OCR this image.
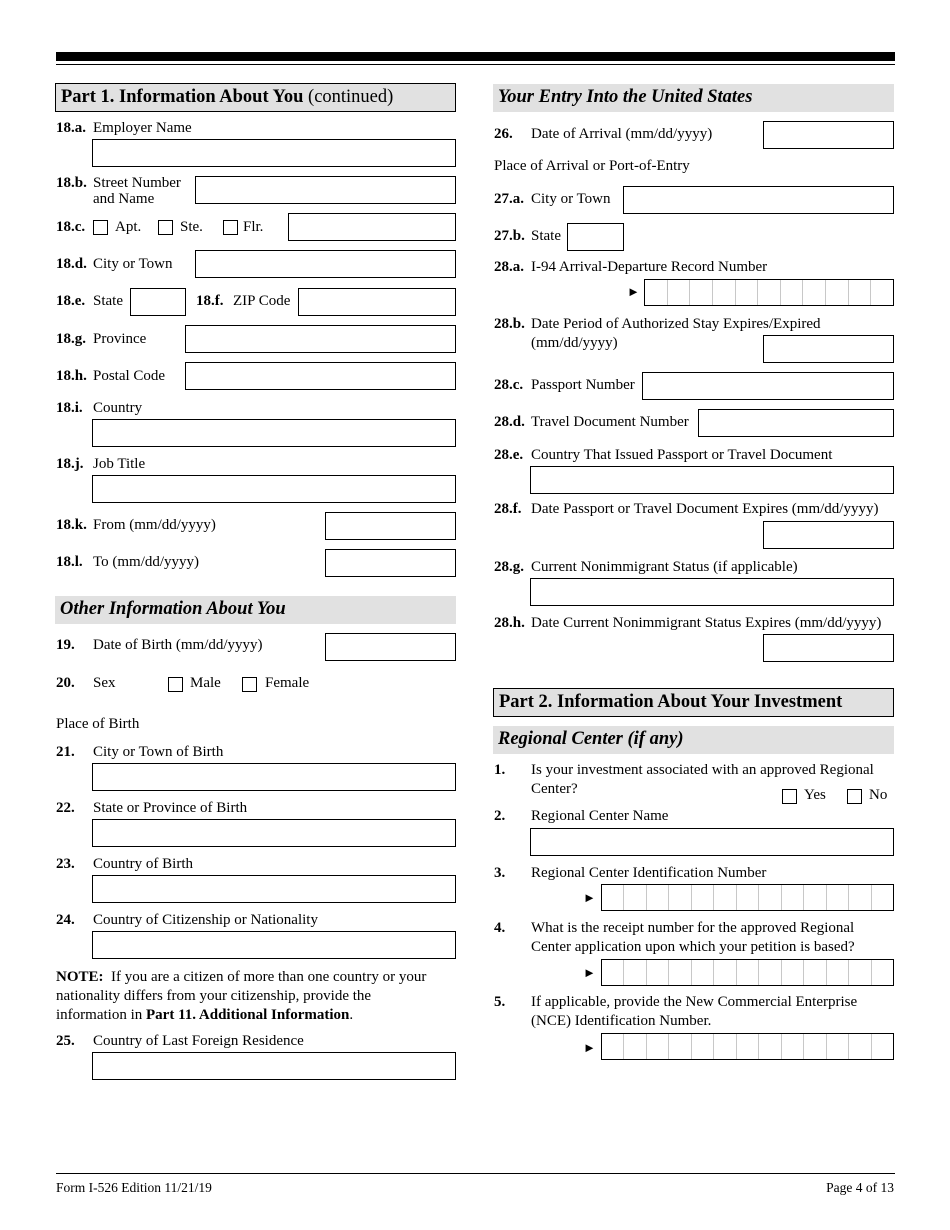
Part 1. Information About You (continued)
18.a. Employer Name
18.b. Street Number
and Name
18.c. Apt.	Ste.	Flr.
18.d. City or Town
18.e. State	18.f. ZIP Code
18.g. Province
18.h. Postal Code
18.i. Country
18.j. Job Title
18.k. From (mm/dd/yyyy)
18.l. To (mm/dd/yyyy)
Other Information About You
19. Date of Birth (mm/dd/yyyy)
20. Sex	Male	Female
Place of Birth
21. City or Town of Birth
22. State or Province of Birth
23. Country of Birth
24. Country of Citizenship or Nationality
NOTE: If you are a citizen of more than one country or your
nationality differs from your citizenship, provide the
information in Part 11. Additional Information.
25. Country of Last Foreign Residence
Your Entry Into the United States
26. Date of Arrival (mm/dd/yyyy)
Place of Arrival or Port-of-Entry
27.a. City or Town
27.b. State
28.a. I-94 Arrival-Departure Record Number
►
28.b. Date Period of Authorized Stay Expires/Expired
(mm/dd/yyyy)
28.c. Passport Number
28.d. Travel Document Number
28.e. Country That Issued Passport or Travel Document
28.f. Date Passport or Travel Document Expires (mm/dd/yyyy)
28.g. Current Nonimmigrant Status (if applicable)
28.h. Date Current Nonimmigrant Status Expires (mm/dd/yyyy)
Part 2. Information About Your Investment
Regional Center (if any)
1. Is your investment associated with an approved Regional
Center?	Yes	No
2. Regional Center Name
3. Regional Center Identification Number
►
4. What is the receipt number for the approved Regional
Center application upon which your petition is based?
►
5. If applicable, provide the New Commercial Enterprise
(NCE) Identification Number.
►
Form I-526 Edition 11/21/19	Page 4 of 13
